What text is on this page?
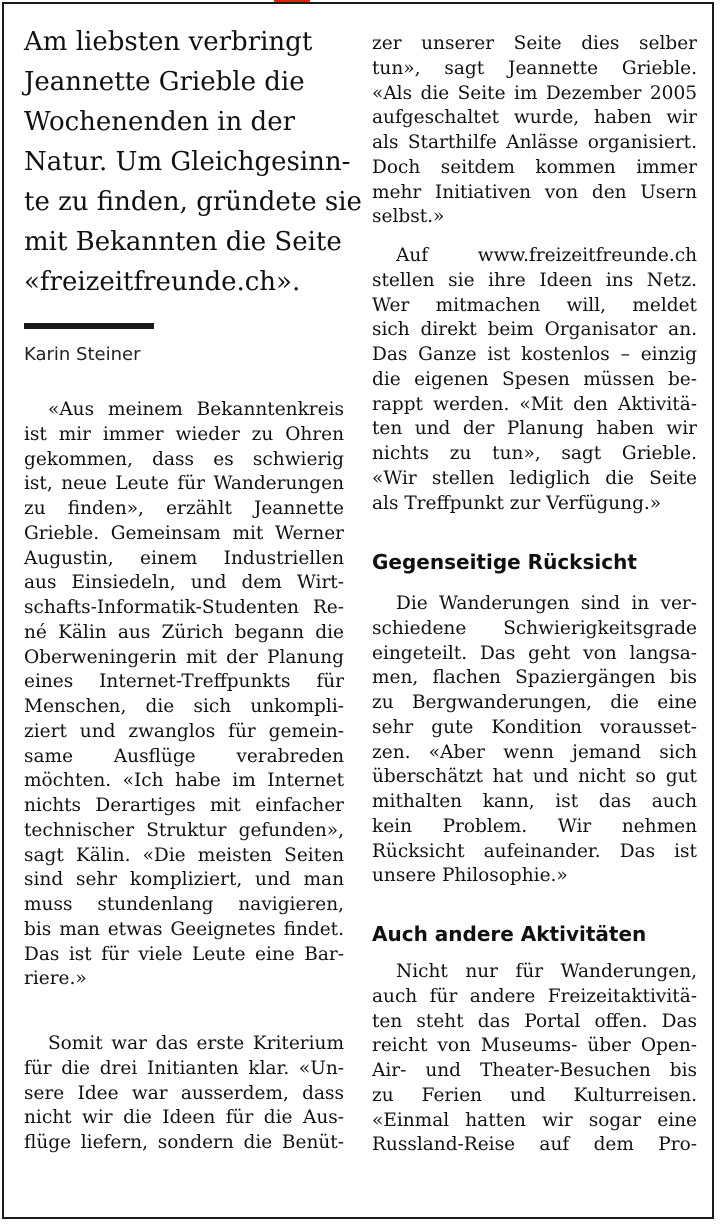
Am liebsten verbringt
Jeannette Grieble die
Wochenenden in der
Natur. Um Gleichgesinn-
te zu finden, gründete sie
mit Bekannten die Seite
«freizeitfreunde.ch».
Karin Steiner
«Aus meinem Bekanntenkreis
ist mir immer wieder zu Ohren
gekommen, dass es schwierig
ist, neue Leute für Wanderungen
zu finden», erzählt Jeannette
Grieble. Gemeinsam mit Werner
Augustin, einem Industriellen
aus Einsiedeln, und dem Wirt-
schafts-Informatik-Studenten Re-
né Kälin aus Zürich begann die
Oberweningerin mit der Planung
eines Internet-Treffpunkts für
Menschen, die sich unkompli-
ziert und zwanglos für gemein-
same Ausflüge verabreden
möchten. «Ich habe im Internet
nichts Derartiges mit einfacher
technischer Struktur gefunden»,
sagt Kälin. «Die meisten Seiten
sind sehr kompliziert, und man
muss stundenlang navigieren,
bis man etwas Geeignetes findet.
Das ist für viele Leute eine Bar-
riere.»
Somit war das erste Kriterium
für die drei Initianten klar. «Un-
sere Idee war ausserdem, dass
nicht wir die Ideen für die Aus-
flüge liefern, sondern die Benüt-
zer unserer Seite dies selber
tun», sagt Jeannette Grieble.
«Als die Seite im Dezember 2005
aufgeschaltet wurde, haben wir
als Starthilfe Anlässe organisiert.
Doch seitdem kommen immer
mehr Initiativen von den Usern
selbst.»
Auf www.freizeitfreunde.ch
stellen sie ihre Ideen ins Netz.
Wer mitmachen will, meldet
sich direkt beim Organisator an.
Das Ganze ist kostenlos – einzig
die eigenen Spesen müssen be-
rappt werden. «Mit den Aktivitä-
ten und der Planung haben wir
nichts zu tun», sagt Grieble.
«Wir stellen lediglich die Seite
als Treffpunkt zur Verfügung.»
Gegenseitige Rücksicht
Die Wanderungen sind in ver-
schiedene Schwierigkeitsgrade
eingeteilt. Das geht von langsa-
men, flachen Spaziergängen bis
zu Bergwanderungen, die eine
sehr gute Kondition vorausset-
zen. «Aber wenn jemand sich
überschätzt hat und nicht so gut
mithalten kann, ist das auch
kein Problem. Wir nehmen
Rücksicht aufeinander. Das ist
unsere Philosophie.»
Auch andere Aktivitäten
Nicht nur für Wanderungen,
auch für andere Freizeitaktivitä-
ten steht das Portal offen. Das
reicht von Museums- über Open-
Air- und Theater-Besuchen bis
zu Ferien und Kulturreisen.
«Einmal hatten wir sogar eine
Russland-Reise auf dem Pro-
